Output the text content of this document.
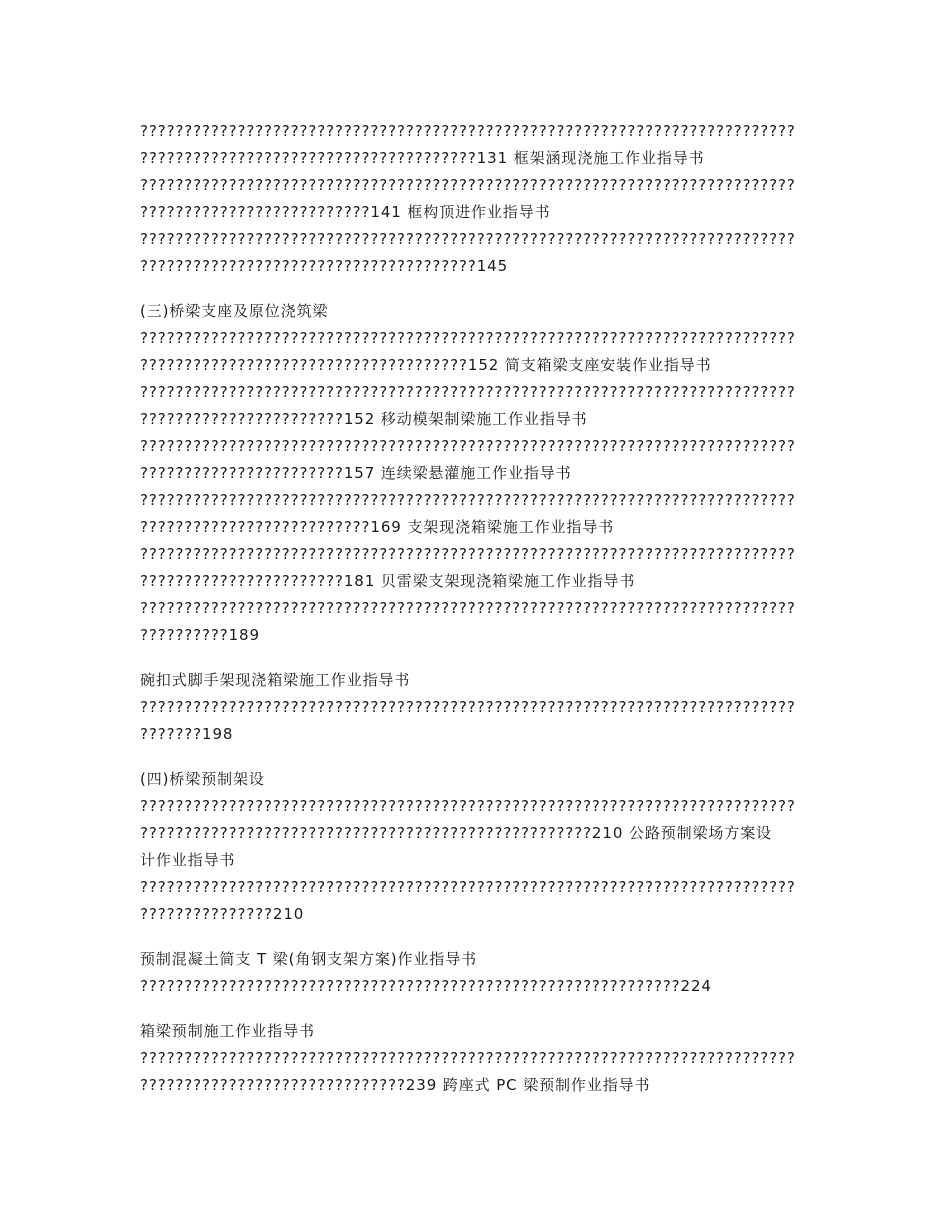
??????????????????????????????????????????????????????????????????????????
??????????????????????????????????????131 框架涵现浇施工作业指导书
??????????????????????????????????????????????????????????????????????????
??????????????????????????141 框构顶进作业指导书
??????????????????????????????????????????????????????????????????????????
??????????????????????????????????????145
(三)桥梁支座及原位浇筑梁
??????????????????????????????????????????????????????????????????????????
?????????????????????????????????????152 简支箱梁支座安装作业指导书
??????????????????????????????????????????????????????????????????????????
???????????????????????152 移动模架制梁施工作业指导书
??????????????????????????????????????????????????????????????????????????
???????????????????????157 连续梁悬灌施工作业指导书
??????????????????????????????????????????????????????????????????????????
??????????????????????????169 支架现浇箱梁施工作业指导书
??????????????????????????????????????????????????????????????????????????
???????????????????????181 贝雷梁支架现浇箱梁施工作业指导书
??????????????????????????????????????????????????????????????????????????
??????????189
碗扣式脚手架现浇箱梁施工作业指导书
??????????????????????????????????????????????????????????????????????????
???????198
(四)桥梁预制架设
??????????????????????????????????????????????????????????????????????????
???????????????????????????????????????????????????210 公路预制梁场方案设
计作业指导书
??????????????????????????????????????????????????????????????????????????
???????????????210
预制混凝土简支 T 梁(角钢支架方案)作业指导书
?????????????????????????????????????????????????????????????224
箱梁预制施工作业指导书
??????????????????????????????????????????????????????????????????????????
??????????????????????????????239 跨座式 PC 梁预制作业指导书
